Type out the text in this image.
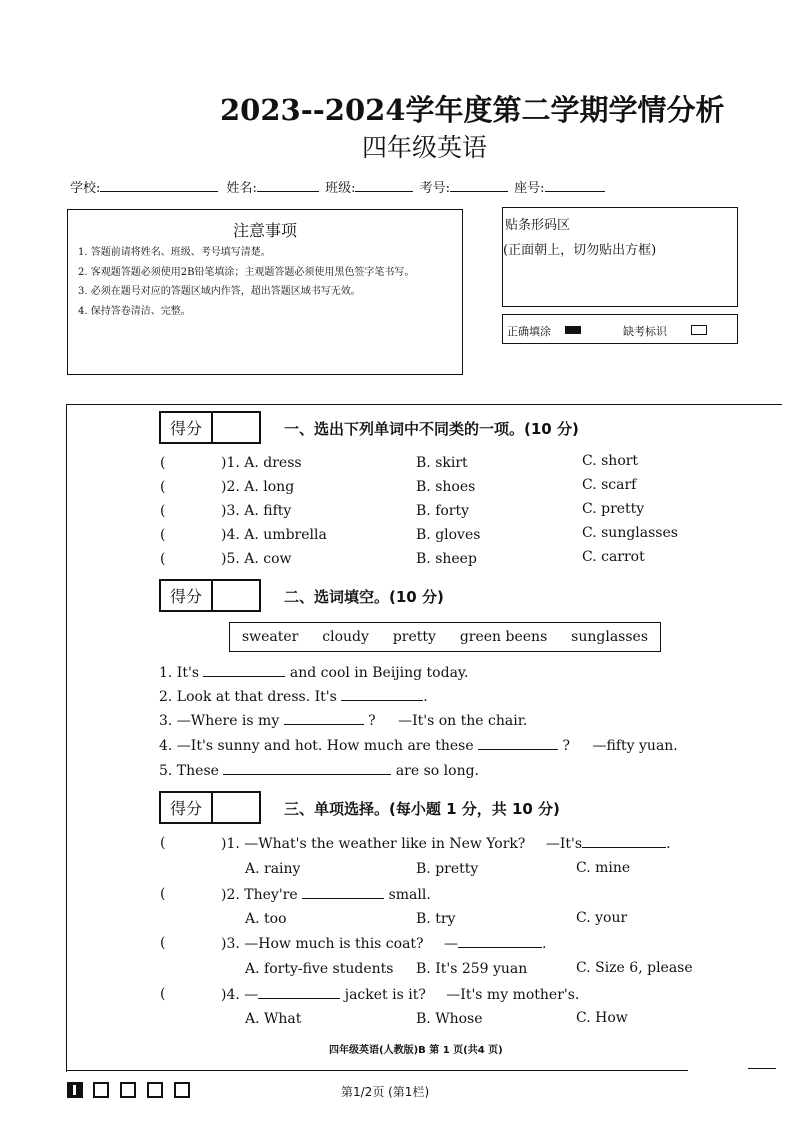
2023--2024学年度第二学期学情分析
四年级英语
学校:	姓名:	班级:	考号:	座号:
注意事项
1. 答题前请将姓名、班级、考号填写清楚。
2. 客观题答题必须使用2B铅笔填涂；主观题答题必须使用黑色签字笔书写。
3. 必须在题号对应的答题区域内作答，超出答题区域书写无效。
4. 保持答卷清洁、完整。
贴条形码区
(正面朝上，切勿贴出方框)
正确填涂	缺考标识
得分	一、选出下列单词中不同类的一项。(10 分)
(	)1. A. dress	B. skirt	C. short
(	)2. A. long	B. shoes	C. scarf
(	)3. A. fifty	B. forty	C. pretty
(	)4. A. umbrella	B. gloves	C. sunglasses
(	)5. A. cow	B. sheep	C. carrot
得分	二、选词填空。(10 分)
sweater cloudy pretty green beens sunglasses
1. It's	and cool in Beijing today.
2. Look at that dress. It's	.
3. —Where is my	? —It's on the chair.
4. —It's sunny and hot. How much are these	? —fifty yuan.
5. These	are so long.
得分	三、单项选择。(每小题 1 分，共 10 分)
(	)1. —What's the weather like in New York? —It's	.
A. rainy	B. pretty	C. mine
(	)2. They're	small.
A. too	B. try	C. your
(	)3. —How much is this coat? —	.
A. forty-five students B. It's 259 yuan	C. Size 6, please
(	)4. —	jacket is it? —It's my mother's.
A. What	B. Whose	C. How
四年级英语(人教版)B 第 1 页(共4 页)
第1/2页 (第1栏)
